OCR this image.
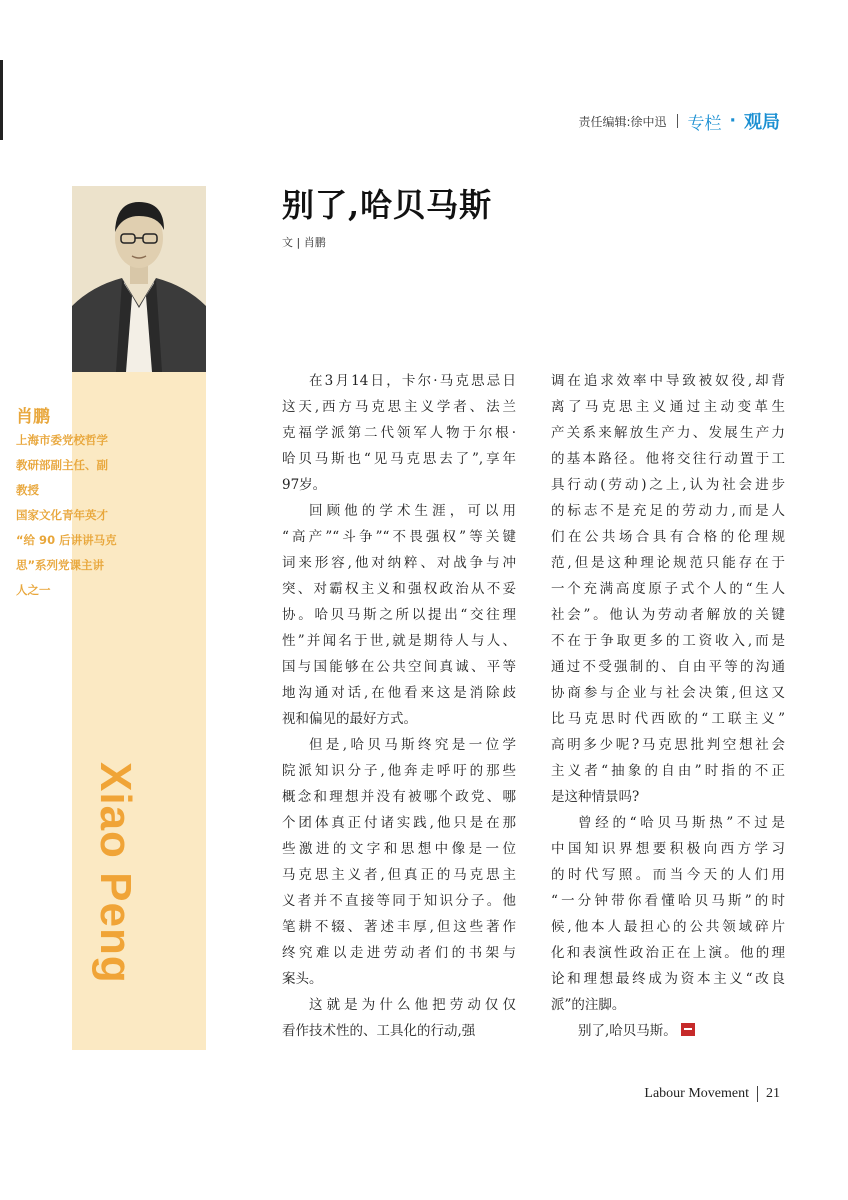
责任编辑:徐中迅 专栏 · 观局
肖鹏

上海市委党校哲学
教研部副主任、副
教授
国家文化青年英才
“给 90 后讲讲马克
思”系列党课主讲
人之一

Xiao Peng
别了,哈贝马斯
文 | 肖鹏

在3月14日，卡尔·马克思忌日
这天,西方马克思主义学者、法兰
克福学派第二代领军人物于尔根·
哈贝马斯也“见马克思去了”,享年
97岁。

回顾他的学术生涯，可以用
“高产”“斗争”“不畏强权”等关键
词来形容,他对纳粹、对战争与冲
突、对霸权主义和强权政治从不妥
协。哈贝马斯之所以提出“交往理
性”并闻名于世,就是期待人与人、
国与国能够在公共空间真诚、平等
地沟通对话,在他看来这是消除歧
视和偏见的最好方式。

但是,哈贝马斯终究是一位学
院派知识分子,他奔走呼吁的那些
概念和理想并没有被哪个政党、哪
个团体真正付诸实践,他只是在那
些激进的文字和思想中像是一位
马克思主义者,但真正的马克思主
义者并不直接等同于知识分子。他
笔耕不辍、著述丰厚,但这些著作
终究难以走进劳动者们的书架与
案头。

这就是为什么他把劳动仅仅
看作技术性的、工具化的行动,强

调在追求效率中导致被奴役,却背
离了马克思主义通过主动变革生
产关系来解放生产力、发展生产力
的基本路径。他将交往行动置于工
具行动(劳动)之上,认为社会进步
的标志不是充足的劳动力,而是人
们在公共场合具有合格的伦理规
范,但是这种理论规范只能存在于
一个充满高度原子式个人的“生人
社会”。他认为劳动者解放的关键
不在于争取更多的工资收入,而是
通过不受强制的、自由平等的沟通
协商参与企业与社会决策,但这又
比马克思时代西欧的“工联主义”
高明多少呢?马克思批判空想社会
主义者“抽象的自由”时指的不正
是这种情景吗?

曾经的“哈贝马斯热”不过是
中国知识界想要积极向西方学习
的时代写照。而当今天的人们用
“一分钟带你看懂哈贝马斯”的时
候,他本人最担心的公共领域碎片
化和表演性政治正在上演。他的理
论和理想最终成为资本主义“改良
派”的注脚。

别了,哈贝马斯。

Labour Movement 21
